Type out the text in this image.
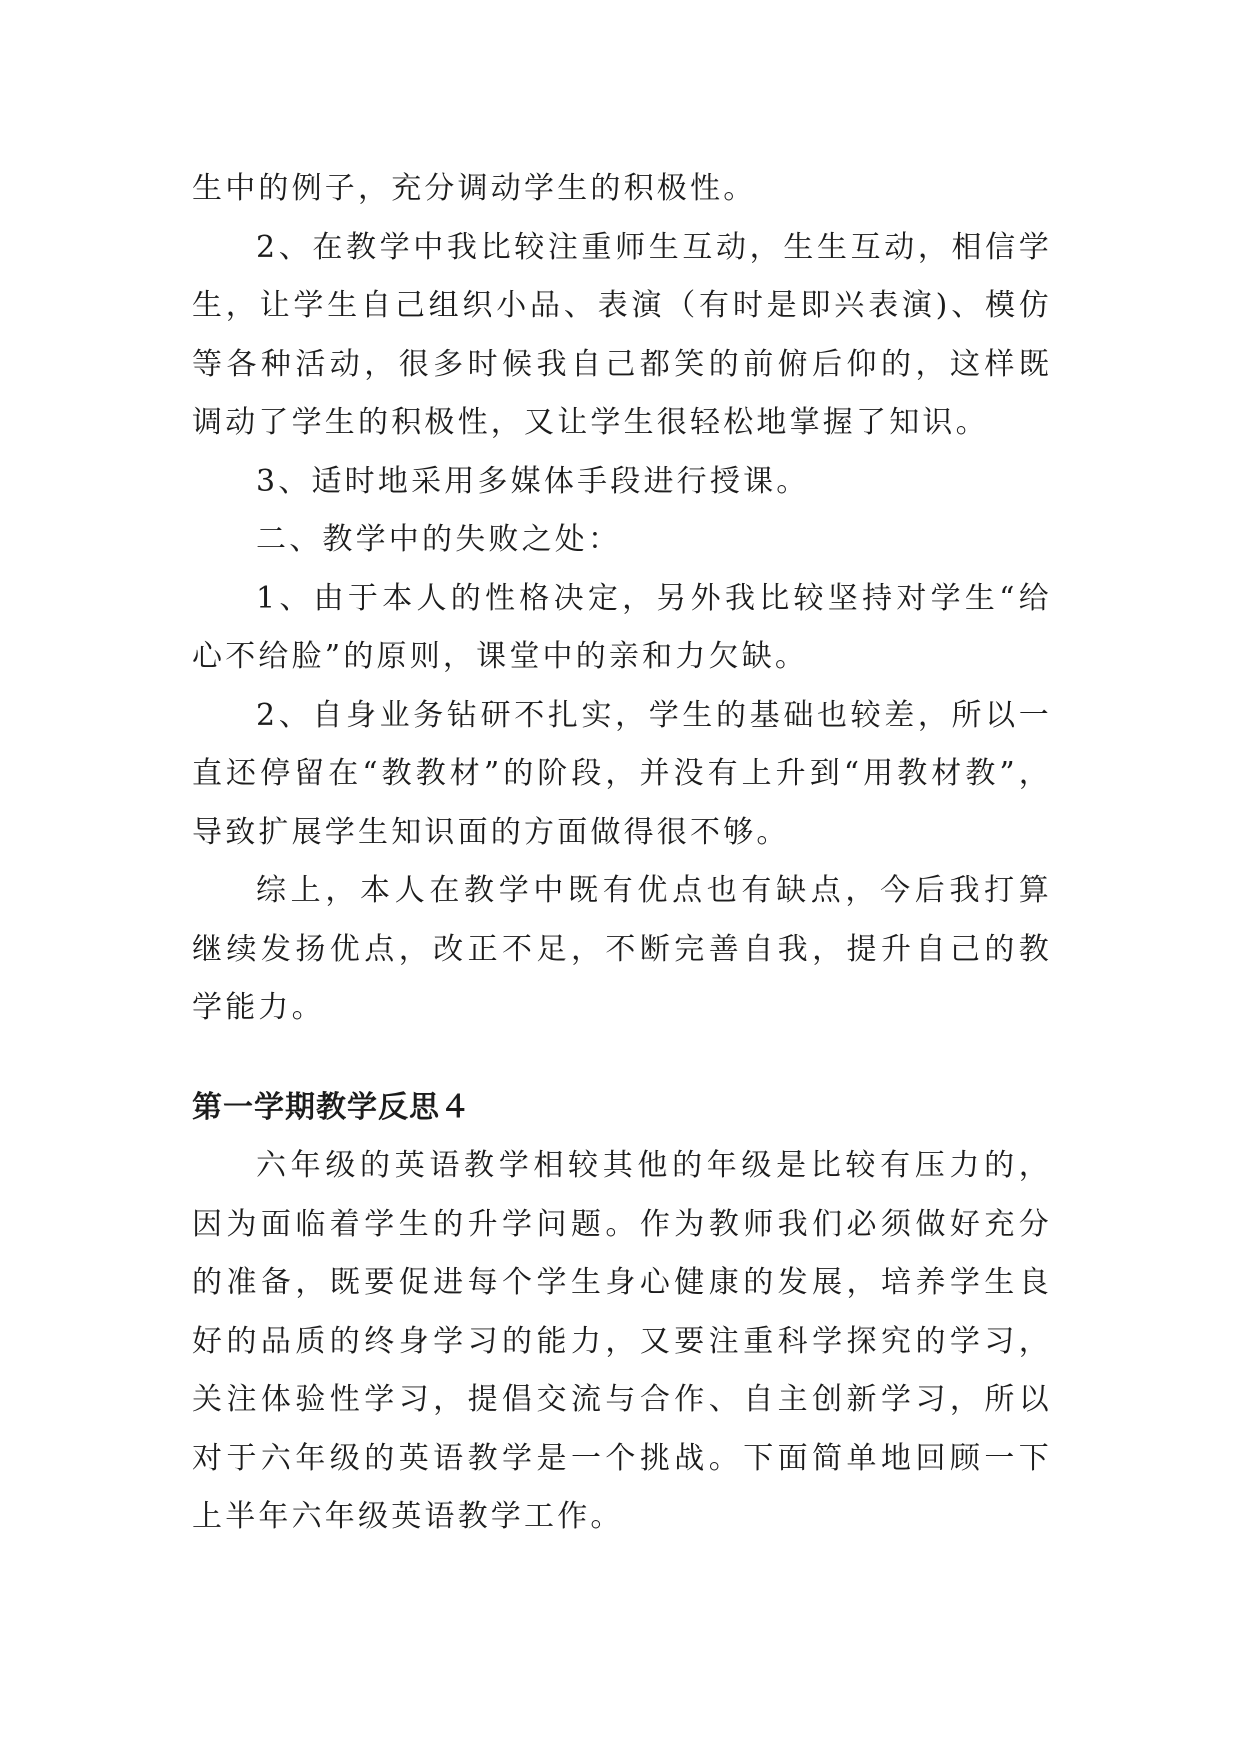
生中的例子，充分调动学生的积极性。

2、在教学中我比较注重师生互动，生生互动，相信学生，让学生自己组织小品、表演（有时是即兴表演)、模仿等各种活动，很多时候我自己都笑的前俯后仰的，这样既调动了学生的积极性，又让学生很轻松地掌握了知识。

3、适时地采用多媒体手段进行授课。

二、教学中的失败之处：

1、由于本人的性格决定，另外我比较坚持对学生“给心不给脸”的原则，课堂中的亲和力欠缺。

2、自身业务钻研不扎实，学生的基础也较差，所以一直还停留在“教教材”的阶段，并没有上升到“用教材教”，导致扩展学生知识面的方面做得很不够。

综上，本人在教学中既有优点也有缺点，今后我打算继续发扬优点，改正不足，不断完善自我，提升自己的教学能力。

第一学期教学反思４

六年级的英语教学相较其他的年级是比较有压力的，因为面临着学生的升学问题。作为教师我们必须做好充分的准备，既要促进每个学生身心健康的发展，培养学生良好的品质的终身学习的能力，又要注重科学探究的学习，关注体验性学习，提倡交流与合作、自主创新学习，所以对于六年级的英语教学是一个挑战。下面简单地回顾一下上半年六年级英语教学工作。
